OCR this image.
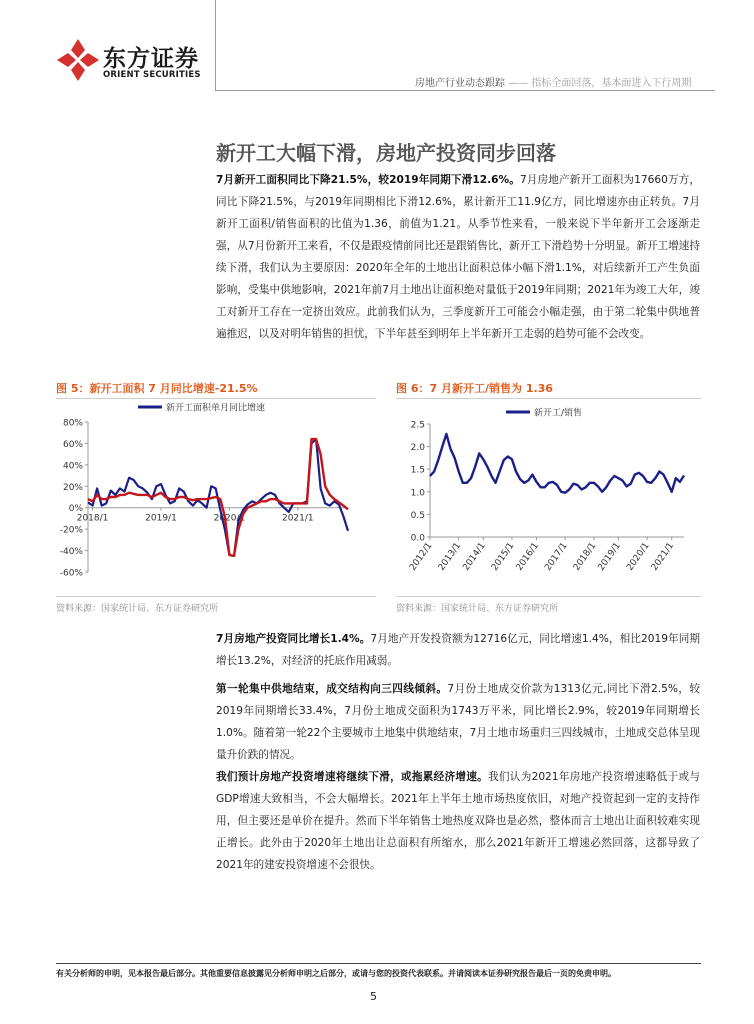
东方证券
ORIENT SECURITIES
房地产行业动态跟踪 —— 指标全面回落，基本面进入下行周期
新开工大幅下滑，房地产投资同步回落

7月新开工面积同比下降21.5%，较2019年同期下滑12.6%。7月房地产新开工面积为17660万方，同比下降21.5%，与2019年同期相比下滑12.6%，累计新开工11.9亿方，同比增速亦由正转负。7月新开工面积/销售面积的比值为1.36，前值为1.21。从季节性来看，一般来说下半年新开工会逐渐走强，从7月份新开工来看，不仅是跟疫情前同比还是跟销售比，新开工下滑趋势十分明显。新开工增速持续下滑，我们认为主要原因：2020年全年的土地出让面积总体小幅下滑1.1%，对后续新开工产生负面影响，受集中供地影响，2021年前7月土地出让面积绝对量低于2019年同期；2021年为竣工大年，竣工对新开工存在一定挤出效应。此前我们认为，三季度新开工可能会小幅走强，由于第二轮集中供地普遍推迟，以及对明年销售的担忧，下半年甚至到明年上半年新开工走弱的趋势可能不会改变。

图 5：新开工面积 7 月同比增速-21.5%
80%
60%
40%
20%
0%
-20%
-40%
-60%
2018/1	2019/1	2020/1	2021/1
新开工面积单月同比增速
资料来源：国家统计局、东方证券研究所
图 6：7 月新开工/销售为 1.36
2.5
2.0
1.5
1.0
0.5
0.0
2012/1 2013/1
2014/1 2015/1
2016/1 2017/1 2018/1
2019/1 2020/1
2021/1
新开工/销售
资料来源：国家统计局、东方证券研究所

7月房地产投资同比增长1.4%。7月地产开发投资额为12716亿元，同比增速1.4%，相比2019年同期增长13.2%，对经济的托底作用减弱。

第一轮集中供地结束，成交结构向三四线倾斜。7月份土地成交价款为1313亿元,同比下滑2.5%，较2019年同期增长33.4%，7月份土地成交面积为1743万平米，同比增长2.9%，较2019年同期增长1.0%。随着第一轮22个主要城市土地集中供地结束，7月土地市场重归三四线城市，土地成交总体呈现量升价跌的情况。

我们预计房地产投资增速将继续下滑，或拖累经济增速。我们认为2021年房地产投资增速略低于或与GDP增速大致相当，不会大幅增长。2021年上半年土地市场热度依旧，对地产投资起到一定的支持作用，但主要还是单价在提升。然而下半年销售土地热度双降也是必然，整体而言土地出让面积较难实现正增长。此外由于2020年土地出让总面积有所缩水，那么2021年新开工增速必然回落，这都导致了2021年的建安投资增速不会很快。

有关分析师的申明，见本报告最后部分。其他重要信息披露见分析师申明之后部分，或请与您的投资代表联系。并请阅读本证券研究报告最后一页的免责申明。
5
